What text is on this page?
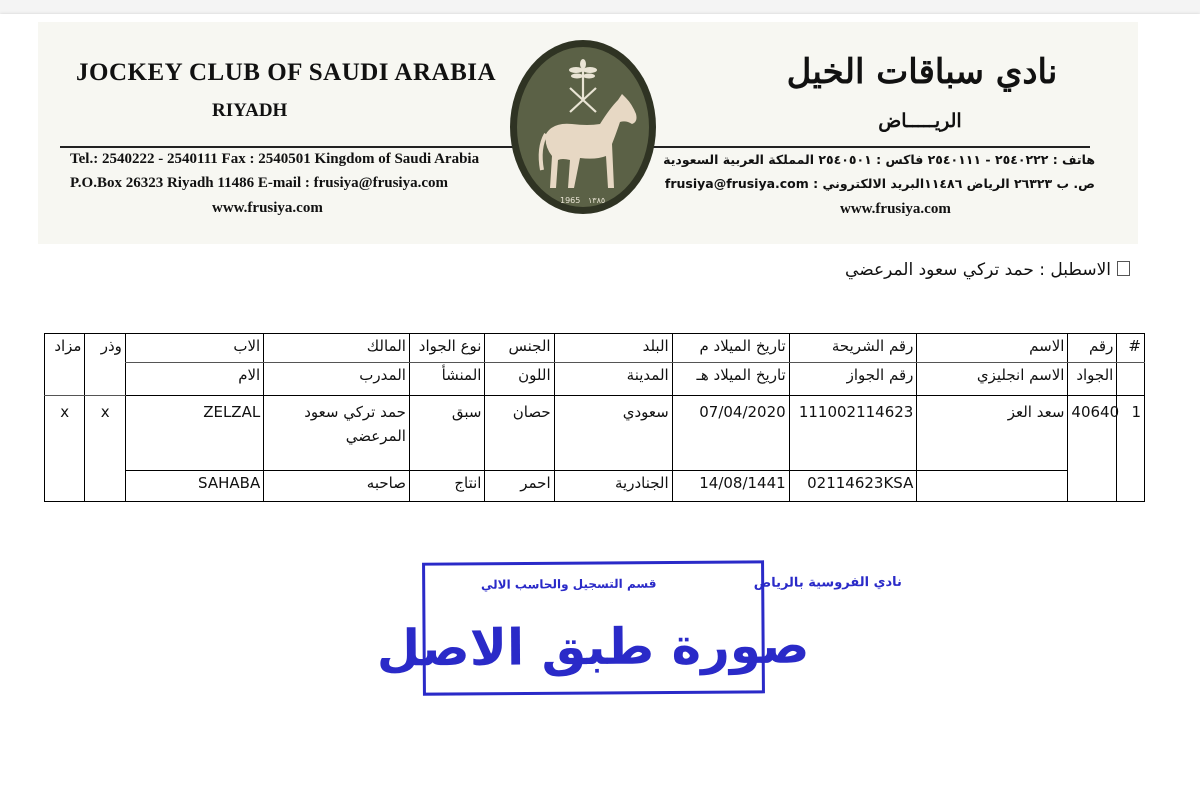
JOCKEY CLUB OF SAUDI ARABIA
RIYADH
Tel.: 2540222 - 2540111 Fax : 2540501 Kingdom of Saudi Arabia
P.O.Box 26323 Riyadh 11486 E-mail : frusiya@frusiya.com
www.frusiya.com
نادي سباقات الخيل
الريـــــاض
هاتف : ٢٥٤٠٢٢٢ - ٢٥٤٠١١١ فاكس : ٢٥٤٠٥٠١ المملكة العربية السعودية
ص. ب ٢٦٣٢٣ الرياض ١١٤٨٦البريد الالكتروني : frusiya@frusiya.com
www.frusiya.com
1965 ١٣٨٥
الاسطبل : حمد تركي سعود المرعضي
#	رقم	الاسم	رقم الشريحة	تاريخ الميلاد م	البلد	الجنس	نوع الجواد	المالك	الاب	وذر	مزاد
	الجواد	الاسم انجليزي	رقم الجواز	تاريخ الميلاد هـ	المدينة	اللون	المنشأ	المدرب	الام		
1	40640	سعد العز	111002114623	07/04/2020	سعودي	حصان	سبق	حمد تركي سعود المرعضي	ZELZAL	x	x
			02114623KSA	14/08/1441	الجنادرية	احمر	انتاج	صاحبه	SAHABA		
نادي الفروسية بالرياض
قسم التسجيل والحاسب الالي
صورة طبق الاصل
